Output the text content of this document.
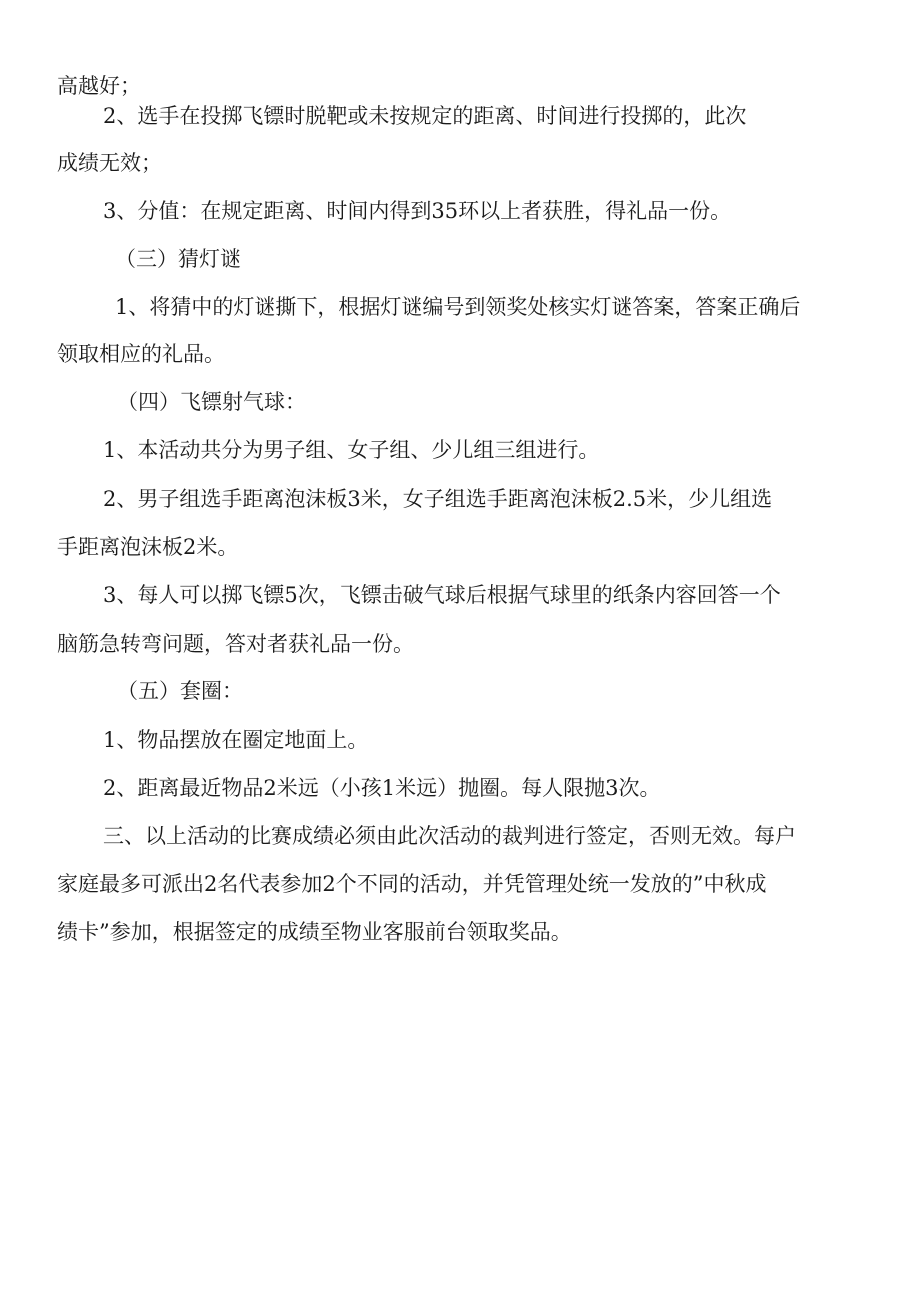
高越好；

2、选手在投掷飞镖时脱靶或未按规定的距离、时间进行投掷的，此次

成绩无效；

3、分值：在规定距离、时间内得到35环以上者获胜，得礼品一份。

（三）猜灯谜

1、将猜中的灯谜撕下，根据灯谜编号到领奖处核实灯谜答案，答案正确后

领取相应的礼品。

（四）飞镖射气球：

1、本活动共分为男子组、女子组、少儿组三组进行。

2、男子组选手距离泡沫板3米，女子组选手距离泡沫板2.5米，少儿组选

手距离泡沫板2米。

3、每人可以掷飞镖5次，飞镖击破气球后根据气球里的纸条内容回答一个

脑筋急转弯问题，答对者获礼品一份。

（五）套圈：

1、物品摆放在圈定地面上。

2、距离最近物品2米远（小孩1米远）抛圈。每人限抛3次。

三、以上活动的比赛成绩必须由此次活动的裁判进行签定，否则无效。每户

家庭最多可派出2名代表参加2个不同的活动，并凭管理处统一发放的”中秋成

绩卡”参加，根据签定的成绩至物业客服前台领取奖品。
